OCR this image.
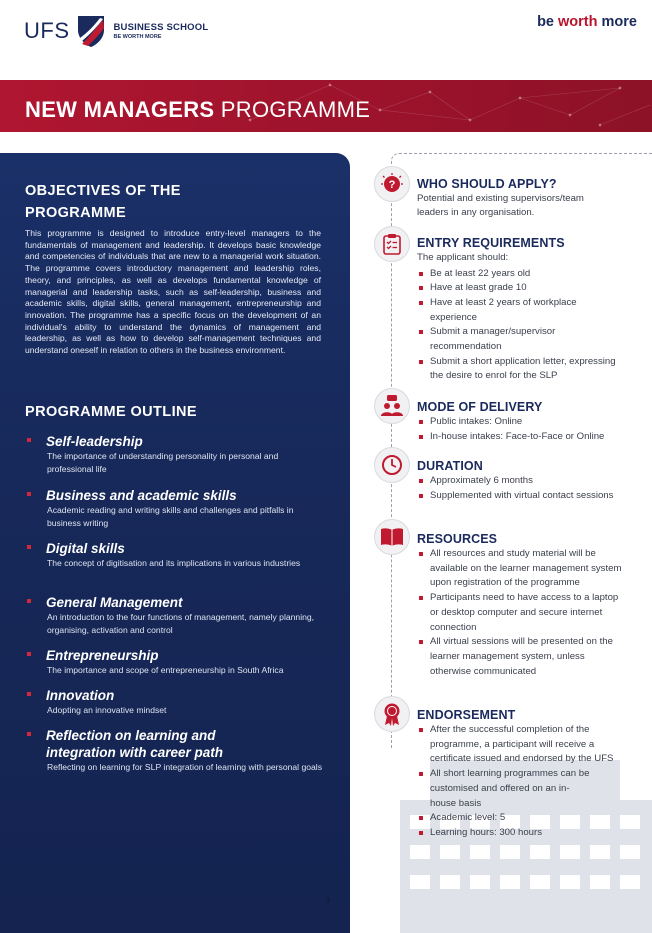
UFS	BUSINESS SCHOOL
BE WORTH MORE
be worth more
NEW MANAGERS PROGRAMME
OBJECTIVES OF THE PROGRAMME
This programme is designed to introduce entry-level managers to the fundamentals of management and leadership. It develops basic knowledge and competencies of individuals that are new to a managerial work situation. The programme covers introductory management and leadership roles, theory, and principles, as well as develops fundamental knowledge of managerial and leadership tasks, such as self-leadership, business and academic skills, digital skills, general management, entrepreneurship and innovation. The programme has a specific focus on the development of an individual's ability to understand the dynamics of management and leadership, as well as how to develop self-management techniques and understand oneself in relation to others in the business environment.
PROGRAMME OUTLINE
Self-leadership
The importance of understanding personality in personal and professional life
Business and academic skills
Academic reading and writing skills and challenges and pitfalls in business writing
Digital skills
The concept of digitisation and its implications in various industries
General Management
An introduction to the four functions of management, namely planning, organising, activation and control
Entrepreneurship
The importance and scope of entrepreneurship in South Africa
Innovation
Adopting an innovative mindset
Reflection on learning and integration with career path
Reflecting on learning for SLP integration of learning with personal goals
3
? WHO SHOULD APPLY?
Potential and existing supervisors/team leaders in any organisation.
ENTRY REQUIREMENTS
The applicant should:
Be at least 22 years old
Have at least grade 10
Have at least 2 years of workplace experience
Submit a manager/supervisor recommendation
Submit a short application letter, expressing the desire to enrol for the SLP
MODE OF DELIVERY
Public intakes: Online
In-house intakes: Face-to-Face or Online
DURATION
Approximately 6 months
Supplemented with virtual contact sessions
RESOURCES
All resources and study material will be available on the learner management system upon registration of the programme
Participants need to have access to a laptop or desktop computer and secure internet connection
All virtual sessions will be presented on the learner management system, unless otherwise communicated
ENDORSEMENT
After the successful completion of the programme, a participant will receive a certificate issued and endorsed by the UFS
All short learning programmes can be customised and offered on an in-house basis
Academic level: 5
Learning hours: 300 hours
